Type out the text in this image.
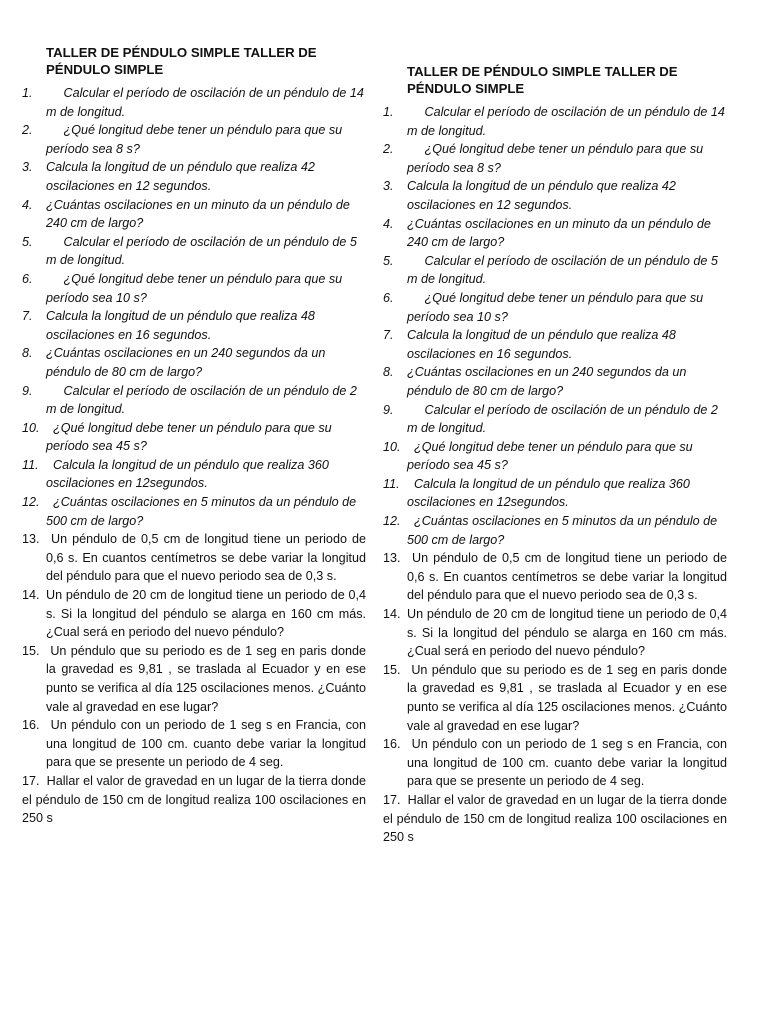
TALLER DE PÉNDULO SIMPLE TALLER DE PÉNDULO SIMPLE
1. Calcular el período de oscilación de un péndulo de 14 m de longitud.
2. ¿Qué longitud debe tener un péndulo para que su período sea 8 s?
3. Calcula la longitud de un péndulo que realiza 42 oscilaciones en 12 segundos.
4. ¿Cuántas oscilaciones en un minuto da un péndulo de 240 cm de largo?
5. Calcular el período de oscilación de un péndulo de 5 m de longitud.
6. ¿Qué longitud debe tener un péndulo para que su período sea 10 s?
7. Calcula la longitud de un péndulo que realiza 48 oscilaciones en 16 segundos.
8. ¿Cuántas oscilaciones en un 240 segundos da un péndulo de 80 cm de largo?
9. Calcular el período de oscilación de un péndulo de 2 m de longitud.
10. ¿Qué longitud debe tener un péndulo para que su período sea 45 s?
11. Calcula la longitud de un péndulo que realiza 360 oscilaciones en 12segundos.
12. ¿Cuántas oscilaciones en 5 minutos da un péndulo de 500 cm de largo?
13. Un péndulo de 0,5 cm de longitud tiene un periodo de 0,6 s. En cuantos centímetros se debe variar la longitud del péndulo para que el nuevo periodo sea de 0,3 s.
14. Un péndulo de 20 cm de longitud tiene un periodo de 0,4 s. Si la longitud del péndulo se alarga en 160 cm más. ¿Cual será en periodo del nuevo péndulo?
15. Un péndulo que su periodo es de 1 seg en paris donde la gravedad es 9,81 , se traslada al Ecuador y en ese punto se verifica al día 125 oscilaciones menos. ¿Cuánto vale al gravedad en ese lugar?
16. Un péndulo con un periodo de 1 seg s en Francia, con una longitud de 100 cm. cuanto debe variar la longitud para que se presente un periodo de 4 seg.
17.  Hallar el valor de gravedad en un lugar de la tierra donde el péndulo de 150 cm de longitud realiza 100 oscilaciones en 250 s
TALLER DE PÉNDULO SIMPLE TALLER DE PÉNDULO SIMPLE
1. Calcular el período de oscilación de un péndulo de 14 m de longitud.
2. ¿Qué longitud debe tener un péndulo para que su período sea 8 s?
3. Calcula la longitud de un péndulo que realiza 42 oscilaciones en 12 segundos.
4. ¿Cuántas oscilaciones en un minuto da un péndulo de 240 cm de largo?
5. Calcular el período de oscilación de un péndulo de 5 m de longitud.
6. ¿Qué longitud debe tener un péndulo para que su período sea 10 s?
7. Calcula la longitud de un péndulo que realiza 48 oscilaciones en 16 segundos.
8. ¿Cuántas oscilaciones en un 240 segundos da un péndulo de 80 cm de largo?
9. Calcular el período de oscilación de un péndulo de 2 m de longitud.
10. ¿Qué longitud debe tener un péndulo para que su período sea 45 s?
11. Calcula la longitud de un péndulo que realiza 360 oscilaciones en 12segundos.
12. ¿Cuántas oscilaciones en 5 minutos da un péndulo de 500 cm de largo?
13. Un péndulo de 0,5 cm de longitud tiene un periodo de 0,6 s. En cuantos centímetros se debe variar la longitud del péndulo para que el nuevo periodo sea de 0,3 s.
14. Un péndulo de 20 cm de longitud tiene un periodo de 0,4 s. Si la longitud del péndulo se alarga en 160 cm más. ¿Cual será en periodo del nuevo péndulo?
15. Un péndulo que su periodo es de 1 seg en paris donde la gravedad es 9,81 , se traslada al Ecuador y en ese punto se verifica al día 125 oscilaciones menos. ¿Cuánto vale al gravedad en ese lugar?
16. Un péndulo con un periodo de 1 seg s en Francia, con una longitud de 100 cm. cuanto debe variar la longitud para que se presente un periodo de 4 seg.
17.  Hallar el valor de gravedad en un lugar de la tierra donde el péndulo de 150 cm de longitud realiza 100 oscilaciones en 250 s
